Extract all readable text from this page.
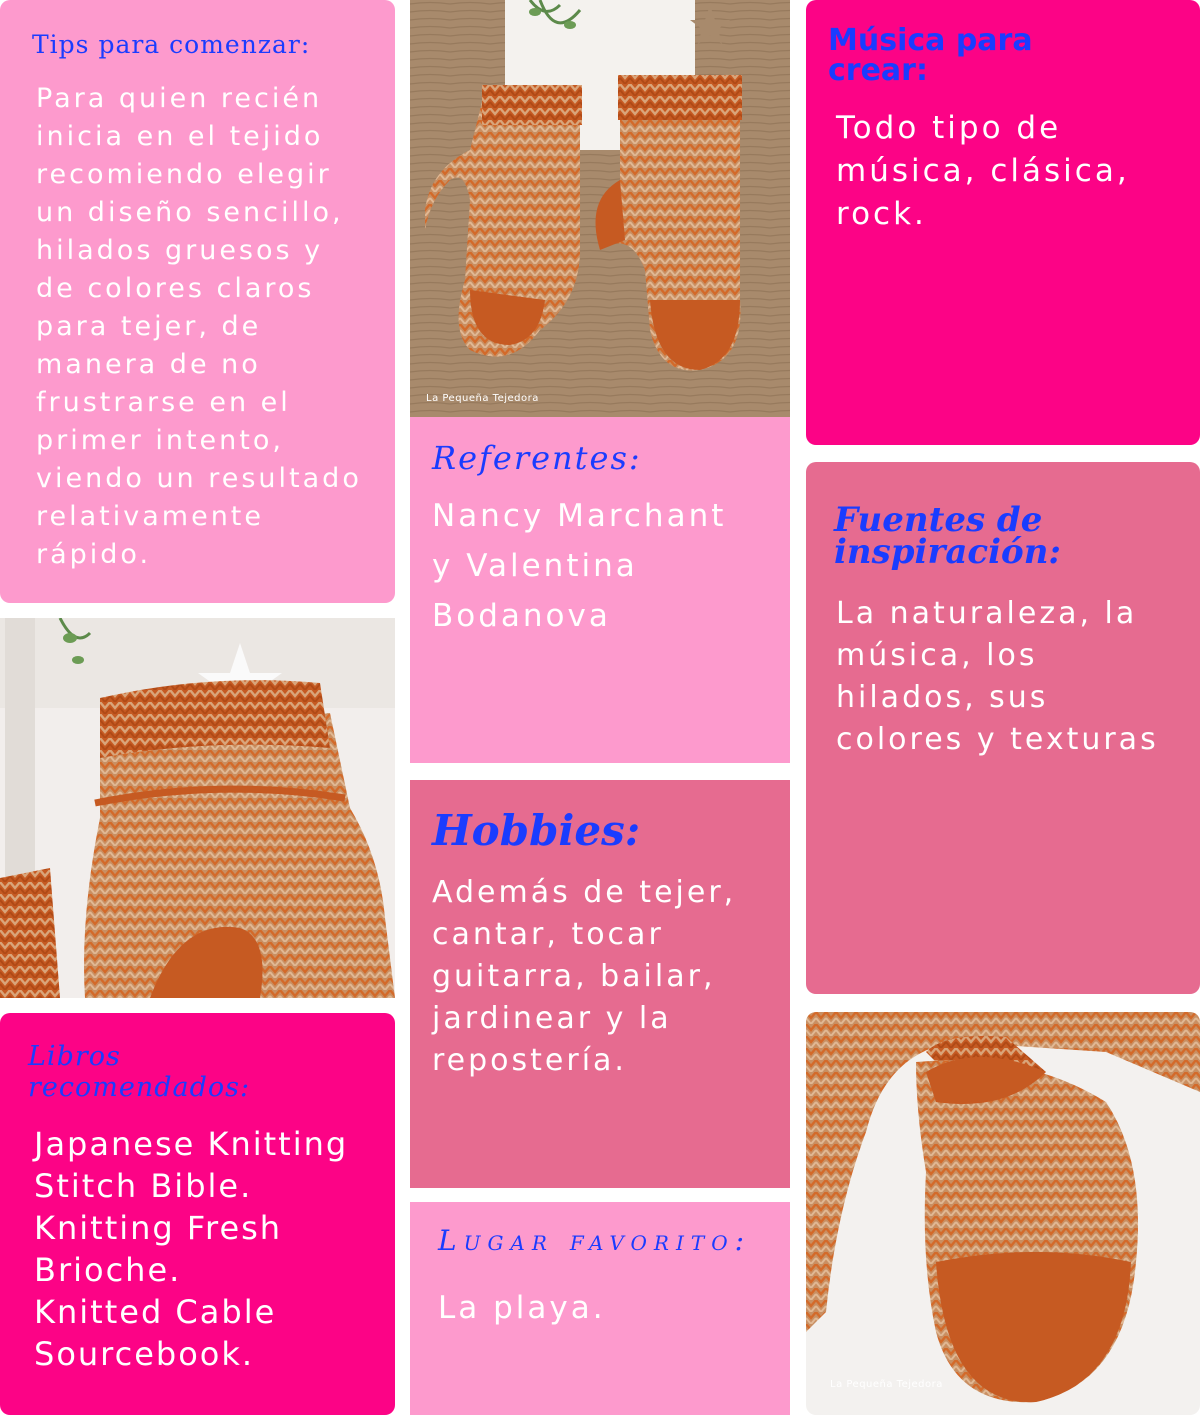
Tips para comenzar:

Para quien recién inicia en el tejido recomiendo elegir un diseño sencillo, hilados gruesos y de colores claros para tejer, de manera de no frustrarse en el primer intento, viendo un resultado relativamente rápido.

La Pequeña Tejedora
Música para crear:

Todo tipo de música, clásica, rock.

Referentes:

Nancy Marchant y Valentina Bodanova

Fuentes de inspiración:

La naturaleza, la música, los hilados, sus colores y texturas

Hobbies:

Además de tejer, cantar, tocar guitarra, bailar, jardinear y la repostería.

La Pequeña Tejedora
Libros recomendados:
Japanese Knitting
Stitch Bible.
Knitting Fresh
Brioche.
Knitted Cable
Sourcebook.
Lugar favorito:

La playa.
